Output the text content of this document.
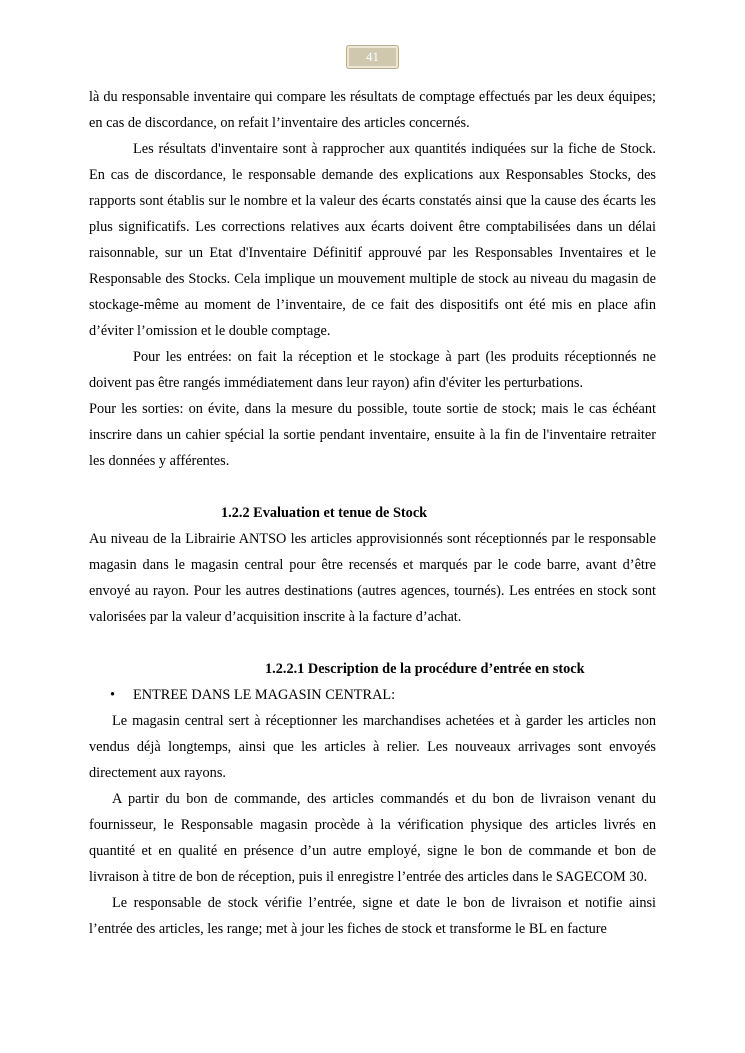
41

là du responsable inventaire qui compare les résultats de comptage effectués par les deux équipes; en cas de discordance, on refait l’inventaire des articles concernés.

Les résultats d'inventaire sont à rapprocher aux quantités indiquées sur la fiche de Stock. En cas de discordance, le responsable demande des explications aux Responsables Stocks, des rapports sont établis sur le nombre et la valeur des écarts constatés ainsi que la cause des écarts les plus significatifs. Les corrections relatives aux écarts doivent être comptabilisées dans un délai raisonnable, sur un Etat d'Inventaire Définitif approuvé par les Responsables Inventaires et le Responsable des Stocks. Cela implique un mouvement multiple de stock au niveau du magasin de stockage-même au moment de l’inventaire, de ce fait des dispositifs ont été mis en place afin d’éviter l’omission et le double comptage.

Pour les entrées: on fait la réception et le stockage à part (les produits réceptionnés ne doivent pas être rangés immédiatement dans leur rayon) afin d'éviter les perturbations.

Pour les sorties: on évite, dans la mesure du possible, toute sortie de stock; mais le cas échéant inscrire dans un cahier spécial la sortie pendant inventaire, ensuite à la fin de l'inventaire retraiter les données y afférentes.

1.2.2 Evaluation et tenue de Stock

Au niveau de la Librairie ANTSO les articles approvisionnés sont réceptionnés par le responsable magasin dans le magasin central pour être recensés et marqués par le code barre, avant d’être envoyé au rayon. Pour les autres destinations (autres agences, tournés). Les entrées en stock sont valorisées par la valeur d’acquisition inscrite à la facture d’achat.

1.2.2.1 Description de la procédure d’entrée en stock

•	ENTREE DANS LE MAGASIN CENTRAL:

Le magasin central sert à réceptionner les marchandises achetées et à garder les articles non vendus déjà longtemps, ainsi que les articles à relier. Les nouveaux arrivages sont envoyés directement aux rayons.

A partir du bon de commande, des articles commandés et du bon de livraison venant du fournisseur, le Responsable magasin procède à la vérification physique des articles livrés en quantité et en qualité en présence d’un autre employé, signe le bon de commande et bon de livraison à titre de bon de réception, puis il enregistre l’entrée des articles dans le SAGECOM 30.

Le responsable de stock vérifie l’entrée, signe et date le bon de livraison et notifie ainsi l’entrée des articles, les range; met à jour les fiches de stock et transforme le BL en facture
